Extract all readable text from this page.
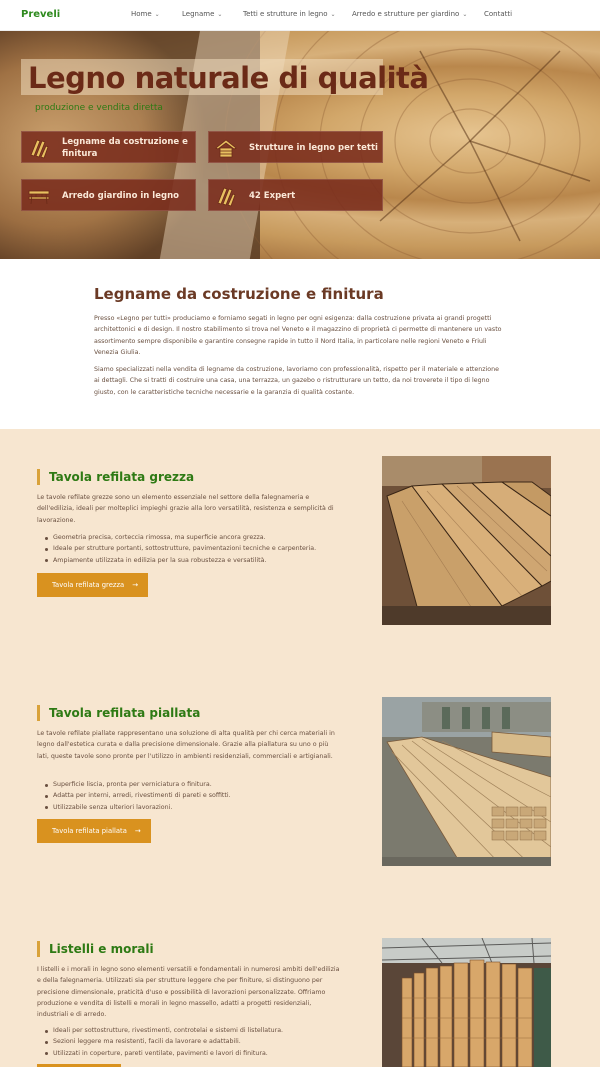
Preveli	Home ⌄	Legname ⌄	Tetti e strutture in legno ⌄ Arredo e strutture per giardino ⌄ Contatti
Legno naturale di qualità
produzione e vendita diretta
Legname da costruzione e finitura
Strutture in legno per tetti
Arredo giardino in legno	42 Expert
Legname da costruzione e finitura

Presso «Legno per tutti» produciamo e forniamo segati in legno per ogni esigenza: dalla costruzione privata ai grandi progetti architettonici e di design. Il nostro stabilimento si trova nel Veneto e il magazzino di proprietà ci permette di mantenere un vasto assortimento sempre disponibile e garantire consegne rapide in tutto il Nord Italia, in particolare nelle regioni Veneto e Friuli Venezia Giulia.

Siamo specializzati nella vendita di legname da costruzione, lavoriamo con professionalità, rispetto per il materiale e attenzione ai dettagli. Che si tratti di costruire una casa, una terrazza, un gazebo o ristrutturare un tetto, da noi troverete il tipo di legno giusto, con le caratteristiche tecniche necessarie e la garanzia di qualità costante.

Tavola refilata grezza

Le tavole refilate grezze sono un elemento essenziale nel settore della falegnameria e dell'edilizia, ideali per molteplici impieghi grazie alla loro versatilità, resistenza e semplicità di lavorazione.

Geometria precisa, corteccia rimossa, ma superficie ancora grezza.
Ideale per strutture portanti, sottostrutture, pavimentazioni tecniche e carpenteria.
Ampiamente utilizzata in edilizia per la sua robustezza e versatilità.
Tavola refilata grezza →
Tavola refilata piallata

Le tavole refilate piallate rappresentano una soluzione di alta qualità per chi cerca materiali in legno dall'estetica curata e dalla precisione dimensionale. Grazie alla piallatura su uno o più lati, queste tavole sono pronte per l'utilizzo in ambienti residenziali, commerciali e artigianali.

Superficie liscia, pronta per verniciatura o finitura.
Adatta per interni, arredi, rivestimenti di pareti e soffitti.
Utilizzabile senza ulteriori lavorazioni.
Tavola refilata piallata →
Listelli e morali

I listelli e i morali in legno sono elementi versatili e fondamentali in numerosi ambiti dell'edilizia e della falegnameria. Utilizzati sia per strutture leggere che per finiture, si distinguono per precisione dimensionale, praticità d'uso e possibilità di lavorazioni personalizzate. Offriamo produzione e vendita di listelli e morali in legno massello, adatti a progetti residenziali, industriali e di arredo.

Ideali per sottostrutture, rivestimenti, controtelai e sistemi di listellatura.
Sezioni leggere ma resistenti, facili da lavorare e adattabili.
Utilizzati in coperture, pareti ventilate, pavimenti e lavori di finitura.
